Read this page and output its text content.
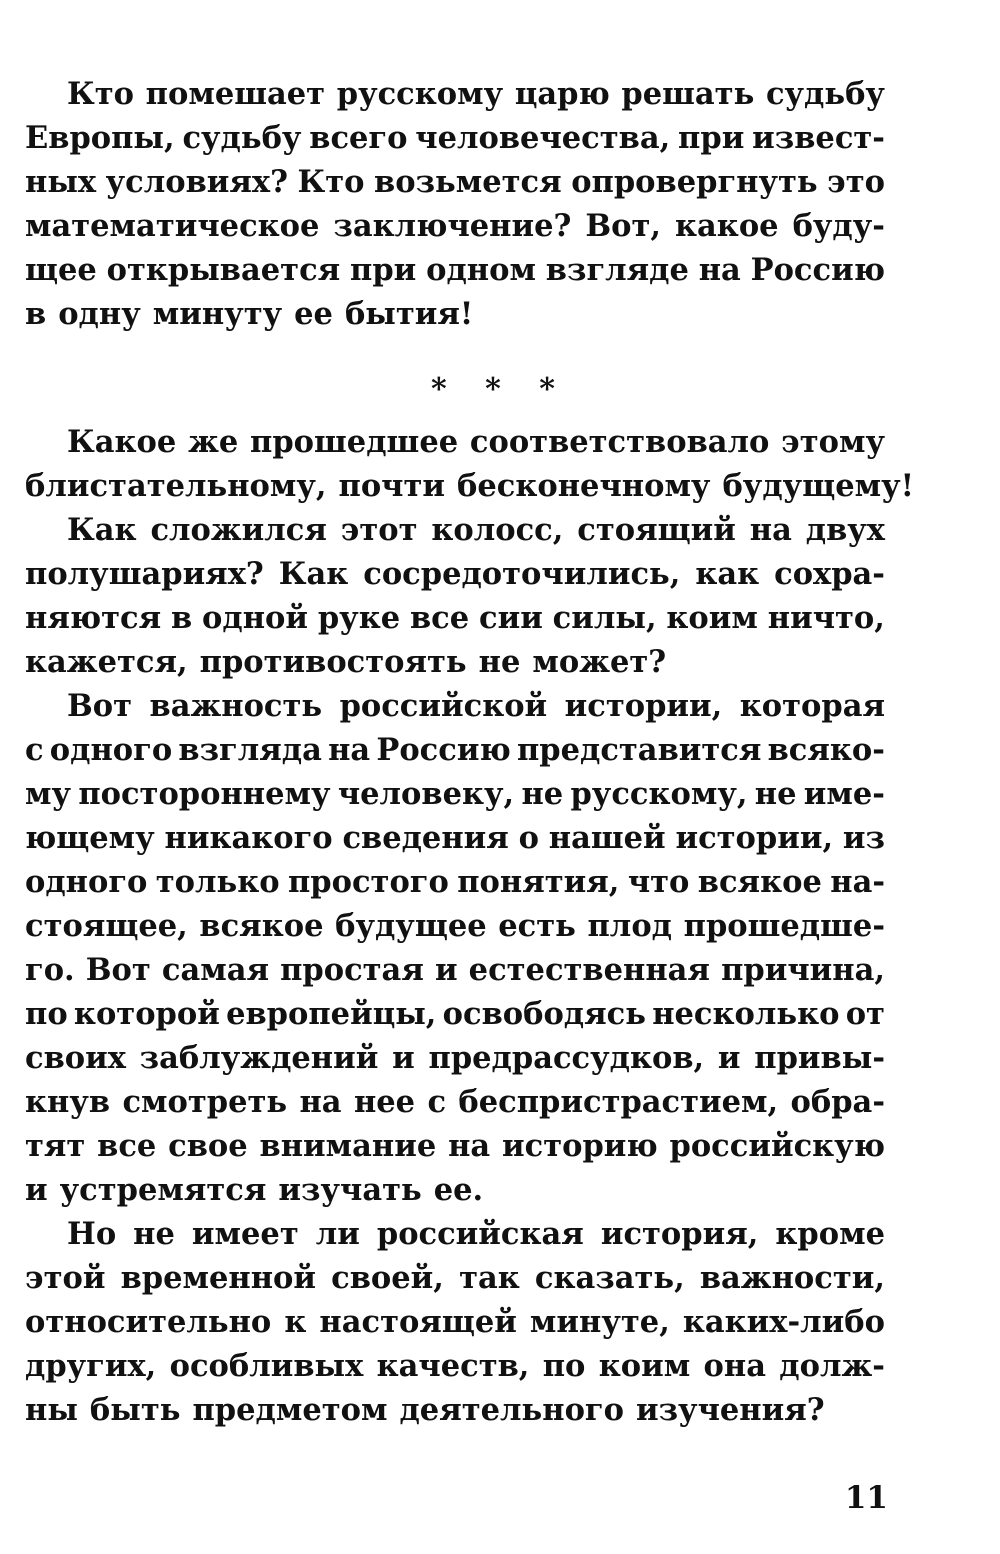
Кто помешает русскому царю решать судьбу
Европы, судьбу всего человечества, при извест-
ных условиях? Кто возьмется опровергнуть это
математическое заключение? Вот, какое буду-
щее открывается при одном взгляде на Россию
в одну минуту ее бытия!
* * *
Какое же прошедшее соответствовало этому
блистательному, почти бесконечному будущему!
Как сложился этот колосс, стоящий на двух
полушариях? Как сосредоточились, как сохра-
няются в одной руке все сии силы, коим ничто,
кажется, противостоять не может?
Вот важность российской истории, которая
с одного взгляда на Россию представится всяко-
му постороннему человеку, не русскому, не име-
ющему никакого сведения о нашей истории, из
одного только простого понятия, что всякое на-
стоящее, всякое будущее есть плод прошедше-
го. Вот самая простая и естественная причина,
по которой европейцы, освободясь несколько от
своих заблуждений и предрассудков, и привы-
кнув смотреть на нее с беспристрастием, обра-
тят все свое внимание на историю российскую
и устремятся изучать ее.
Но не имеет ли российская история, кроме
этой временной своей, так сказать, важности,
относительно к настоящей минуте, каких-либо
других, особливых качеств, по коим она долж-
ны быть предметом деятельного изучения?
11
